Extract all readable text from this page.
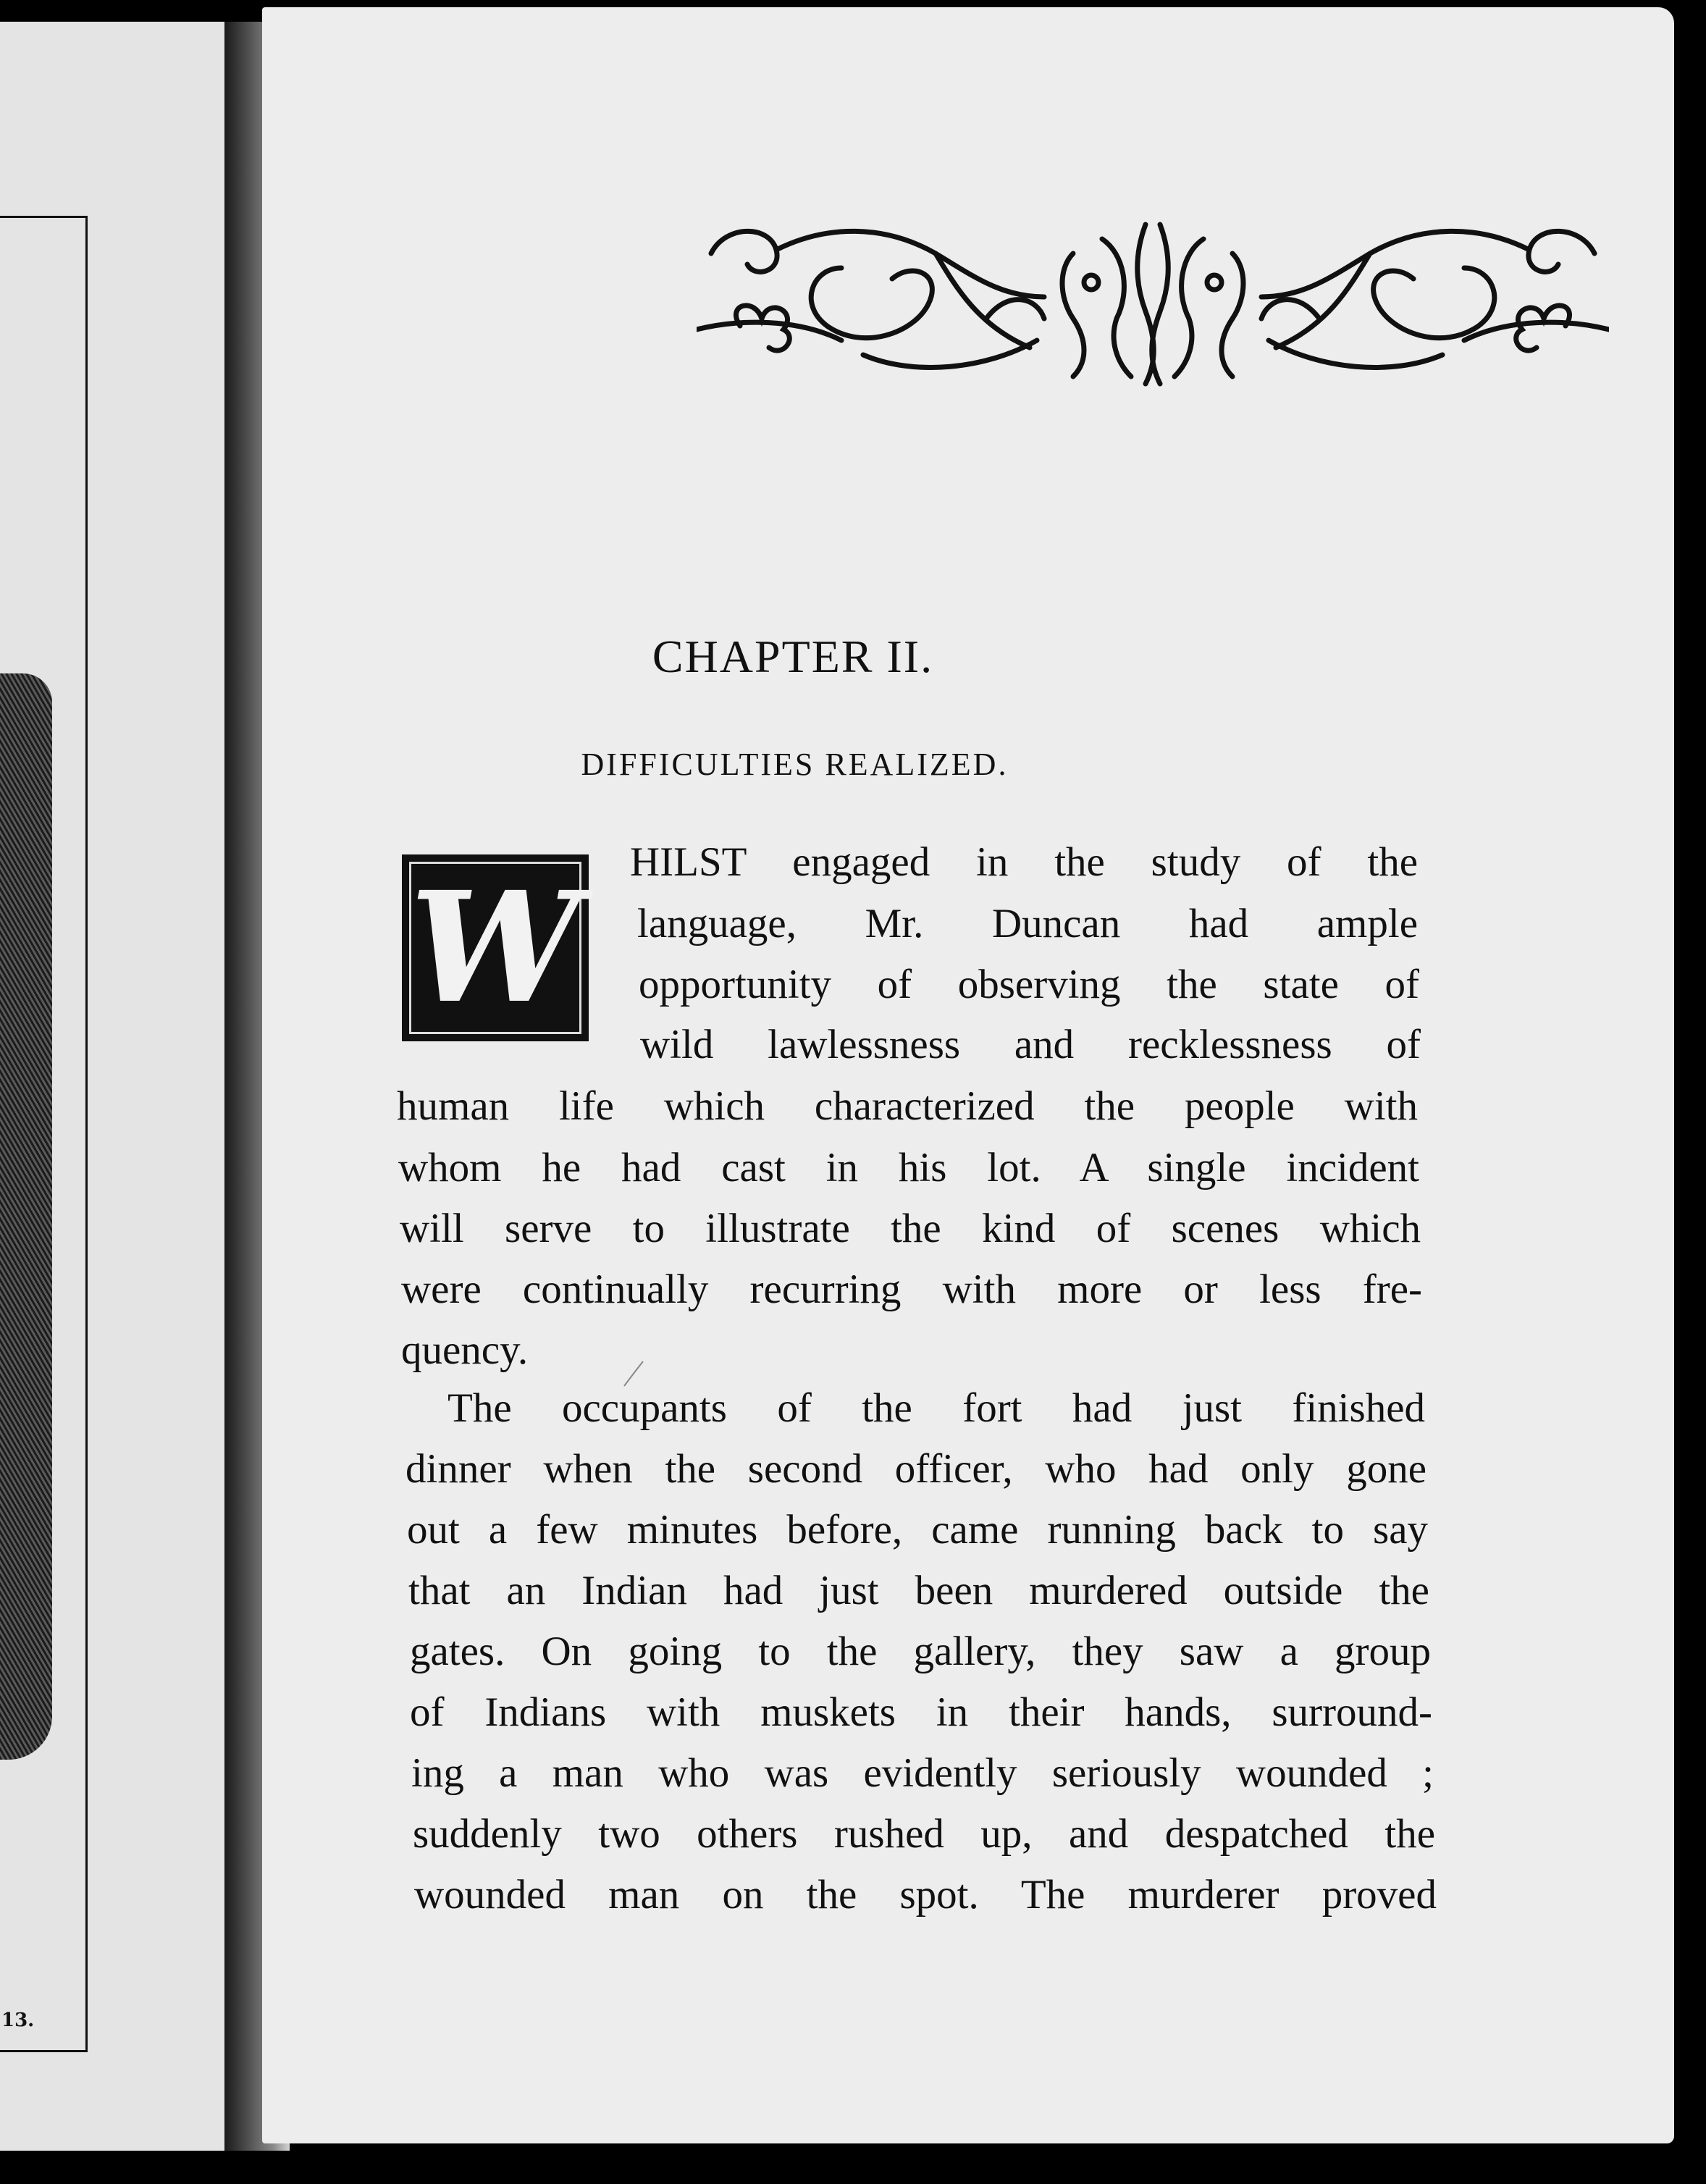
13.
CHAPTER II.
DIFFICULTIES REALIZED.
W HILST engaged in the study of the
language, Mr. Duncan had ample
opportunity of observing the state of
wild lawlessness and recklessness of
human life which characterized the people with
whom he had cast in his lot. A single incident
will serve to illustrate the kind of scenes which
were continually recurring with more or less fre-
quency.
The occupants of the fort had just finished
dinner when the second officer, who had only gone
out a few minutes before, came running back to say
that an Indian had just been murdered outside the
gates. On going to the gallery, they saw a group
of Indians with muskets in their hands, surround-
ing a man who was evidently seriously wounded ;
suddenly two others rushed up, and despatched the
wounded man on the spot. The murderer proved
